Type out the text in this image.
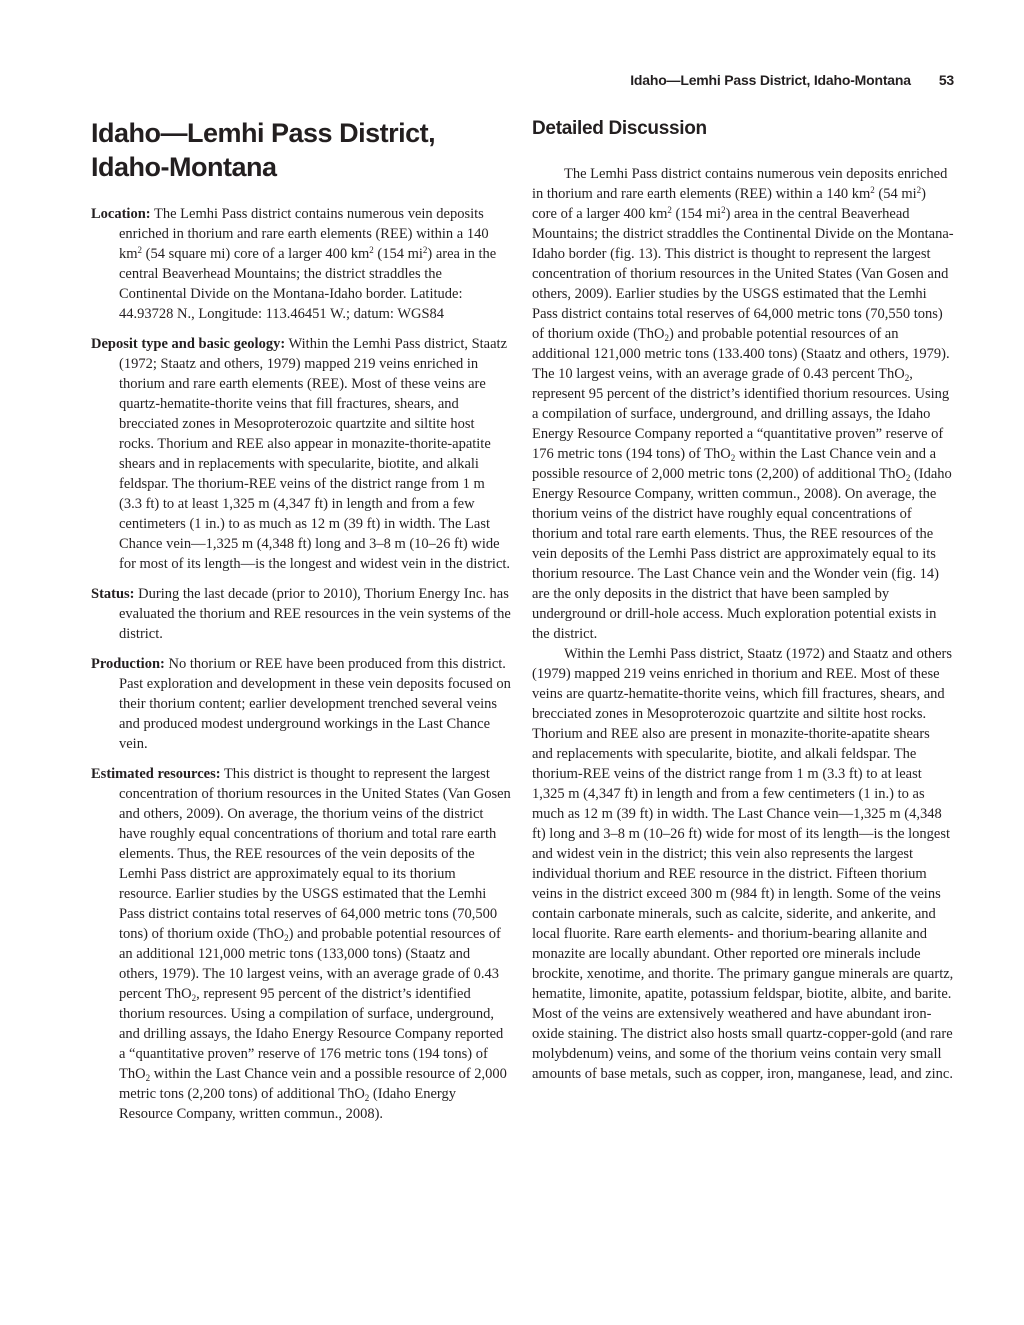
Idaho—Lemhi Pass District, Idaho-Montana 53
Idaho—Lemhi Pass District, Idaho-Montana

Location: The Lemhi Pass district contains numerous vein deposits enriched in thorium and rare earth elements (REE) within a 140 $km^2$ (54 square mi) core of a larger 400 $km^2$ (154 $mi^2$) area in the central Beaverhead Mountains; the district straddles the Continental Divide on the Montana-Idaho border. Latitude: 44.93728 N., Longitude: 113.46451 W.; datum: WGS84

Deposit type and basic geology: Within the Lemhi Pass district, Staatz (1972; Staatz and others, 1979) mapped 219 veins enriched in thorium and rare earth elements (REE). Most of these veins are quartz-hematite-thorite veins that fill fractures, shears, and brecciated zones in Mesoproterozoic quartzite and siltite host rocks. Thorium and REE also appear in monazite-thorite-apatite shears and in replacements with specularite, biotite, and alkali feldspar. The thorium-REE veins of the district range from 1 m (3.3 ft) to at least 1,325 m (4,347 ft) in length and from a few centimeters (1 in.) to as much as 12 m (39 ft) in width. The Last Chance vein—1,325 m (4,348 ft) long and 3–8 m (10–26 ft) wide for most of its length—is the longest and widest vein in the district.

Status: During the last decade (prior to 2010), Thorium Energy Inc. has evaluated the thorium and REE resources in the vein systems of the district.

Production: No thorium or REE have been produced from this district. Past exploration and development in these vein deposits focused on their thorium content; earlier development trenched several veins and produced modest underground workings in the Last Chance vein.

Estimated resources: This district is thought to represent the largest concentration of thorium resources in the United States (Van Gosen and others, 2009). On average, the thorium veins of the district have roughly equal concentrations of thorium and total rare earth elements. Thus, the REE resources of the vein deposits of the Lemhi Pass district are approximately equal to its thorium resource. Earlier studies by the USGS estimated that the Lemhi Pass district contains total reserves of 64,000 metric tons (70,500 tons) of thorium oxide (ThO$_2$) and probable potential resources of an additional 121,000 metric tons (133,000 tons) (Staatz and others, 1979). The 10 largest veins, with an average grade of 0.43 percent ThO$_2$, represent 95 percent of the district’s identified thorium resources. Using a compilation of surface, underground, and drilling assays, the Idaho Energy Resource Company reported a “quantitative proven” reserve of 176 metric tons (194 tons) of ThO$_2$ within the Last Chance vein and a possible resource of 2,000 metric tons (2,200 tons) of additional ThO$_2$ (Idaho Energy Resource Company, written commun., 2008).

Detailed Discussion

The Lemhi Pass district contains numerous vein deposits enriched in thorium and rare earth elements (REE) within a 140 $km^2$ (54 $mi^2$) core of a larger 400 $km^2$ (154 $mi^2$) area in the central Beaverhead Mountains; the district straddles the Continental Divide on the Montana-Idaho border (fig. 13). This district is thought to represent the largest concentration of thorium resources in the United States (Van Gosen and others, 2009). Earlier studies by the USGS estimated that the Lemhi Pass district contains total reserves of 64,000 metric tons (70,550 tons) of thorium oxide (ThO$_2$) and probable potential resources of an additional 121,000 metric tons (133.400 tons) (Staatz and others, 1979). The 10 largest veins, with an average grade of 0.43 percent ThO$_2$, represent 95 percent of the district’s identified thorium resources. Using a compilation of surface, underground, and drilling assays, the Idaho Energy Resource Company reported a “quantitative proven” reserve of 176 metric tons (194 tons) of ThO$_2$ within the Last Chance vein and a possible resource of 2,000 metric tons (2,200) of additional ThO$_2$ (Idaho Energy Resource Company, written commun., 2008). On average, the thorium veins of the district have roughly equal concentrations of thorium and total rare earth elements. Thus, the REE resources of the vein deposits of the Lemhi Pass district are approximately equal to its thorium resource. The Last Chance vein and the Wonder vein (fig. 14) are the only deposits in the district that have been sampled by underground or drill-hole access. Much exploration potential exists in the district.

Within the Lemhi Pass district, Staatz (1972) and Staatz and others (1979) mapped 219 veins enriched in thorium and REE. Most of these veins are quartz-hematite-thorite veins, which fill fractures, shears, and brecciated zones in Mesoproterozoic quartzite and siltite host rocks. Thorium and REE also are present in monazite-thorite-apatite shears and replacements with specularite, biotite, and alkali feldspar. The thorium-REE veins of the district range from 1 m (3.3 ft) to at least 1,325 m (4,347 ft) in length and from a few centimeters (1 in.) to as much as 12 m (39 ft) in width. The Last Chance vein—1,325 m (4,348 ft) long and 3–8 m (10–26 ft) wide for most of its length—is the longest and widest vein in the district; this vein also represents the largest individual thorium and REE resource in the district. Fifteen thorium veins in the district exceed 300 m (984 ft) in length. Some of the veins contain carbonate minerals, such as calcite, siderite, and ankerite, and local fluorite. Rare earth elements- and thorium-bearing allanite and monazite are locally abundant. Other reported ore minerals include brockite, xenotime, and thorite. The primary gangue minerals are quartz, hematite, limonite, apatite, potassium feldspar, biotite, albite, and barite. Most of the veins are extensively weathered and have abundant iron-oxide staining. The district also hosts small quartz-copper-gold (and rare molybdenum) veins, and some of the thorium veins contain very small amounts of base metals, such as copper, iron, manganese, lead, and zinc.
